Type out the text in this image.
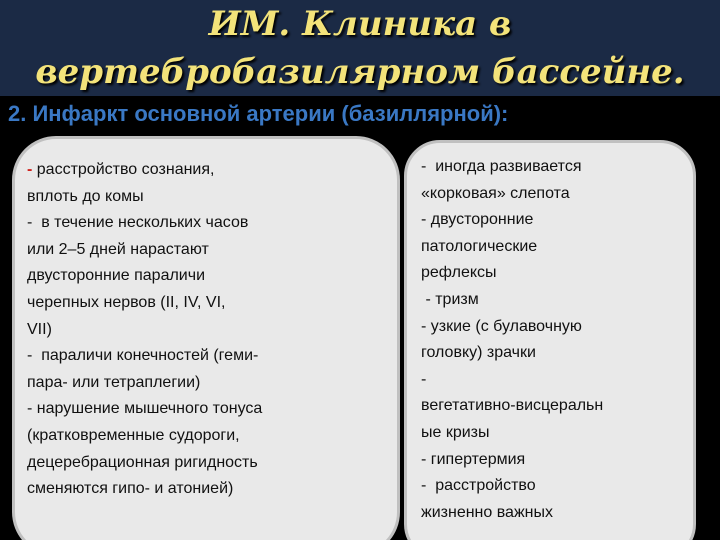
ИМ. Клиника в
вертебробазилярном бассейне.
2. Инфаркт основной артерии (базиллярной):
- расстройство сознания,
вплоть до комы
-  в течение нескольких часов
или 2–5 дней нарастают
двусторонние параличи
черепных нервов (II, IV, VI,
VII)
-  параличи конечностей (геми-
пара- или тетраплегии)
- нарушение мышечного тонуса
(кратковременные судороги,
децеребрационная ригидность
сменяются гипо- и атонией)
-  иногда развивается
«корковая» слепота
- двусторонние
патологические
рефлексы
- тризм
- узкие (с булавочную
головку) зрачки
-
вегетативно-висцеральн
ые кризы
- гипертермия
-  расстройство
жизненно важных
